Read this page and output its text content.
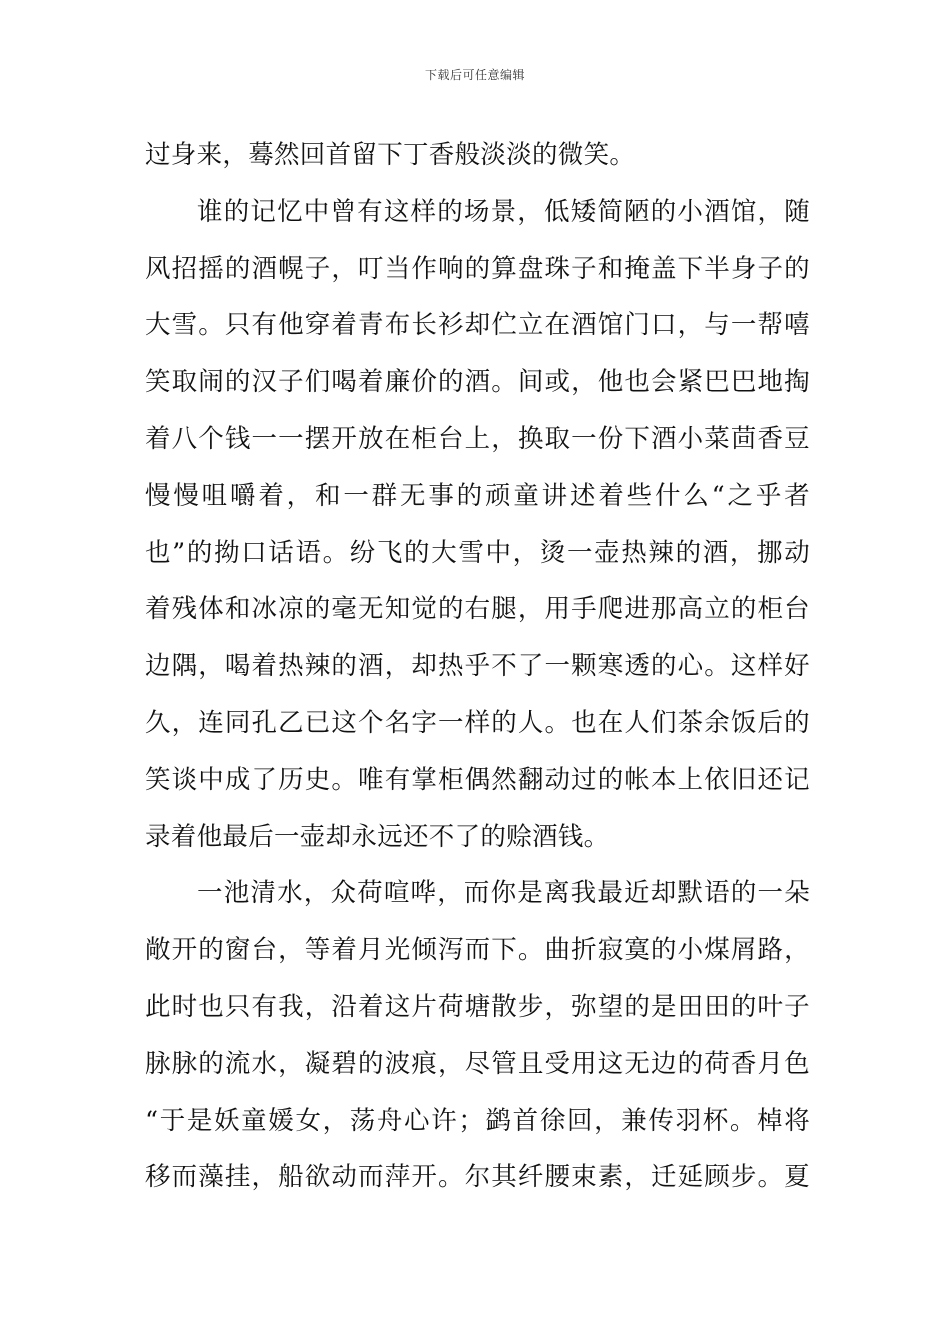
下载后可任意编辑
过身来，蓦然回首留下丁香般淡淡的微笑。
谁的记忆中曾有这样的场景，低矮简陋的小酒馆，随
风招摇的酒幌子，叮当作响的算盘珠子和掩盖下半身子的
大雪。只有他穿着青布长衫却伫立在酒馆门口，与一帮嘻
笑取闹的汉子们喝着廉价的酒。间或，他也会紧巴巴地掏
着八个钱一一摆开放在柜台上，换取一份下酒小菜茴香豆
慢慢咀嚼着，和一群无事的顽童讲述着些什么“之乎者
也”的拗口话语。纷飞的大雪中，烫一壶热辣的酒，挪动
着残体和冰凉的毫无知觉的右腿，用手爬进那高立的柜台
边隅，喝着热辣的酒，却热乎不了一颗寒透的心。这样好
久，连同孔乙已这个名字一样的人。也在人们茶余饭后的
笑谈中成了历史。唯有掌柜偶然翻动过的帐本上依旧还记
录着他最后一壶却永远还不了的赊酒钱。
一池清水，众荷喧哗，而你是离我最近却默语的一朵
敞开的窗台，等着月光倾泻而下。曲折寂寞的小煤屑路，
此时也只有我，沿着这片荷塘散步，弥望的是田田的叶子
脉脉的流水，凝碧的波痕，尽管且受用这无边的荷香月色
“于是妖童媛女，荡舟心许；鹢首徐回，兼传羽杯。棹将
移而藻挂，船欲动而萍开。尔其纤腰束素，迁延顾步。夏
